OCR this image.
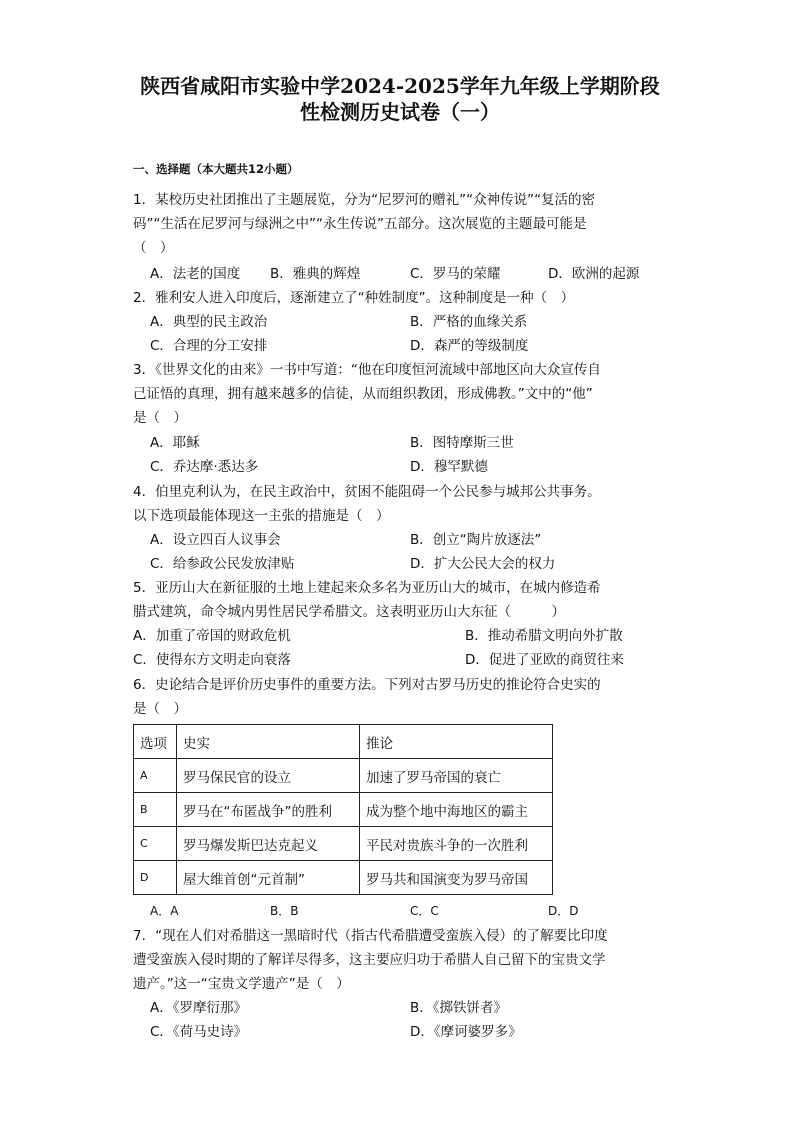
陕西省咸阳市实验中学2024-2025学年九年级上学期阶段
性检测历史试卷（一）
一、选择题（本大题共12小题）
1．某校历史社团推出了主题展览，分为“尼罗河的赠礼”“众神传说”“复活的密
码”“生活在尼罗河与绿洲之中”“永生传说”五部分。这次展览的主题最可能是
（　）
A．法老的国度 B．雅典的辉煌	C．罗马的荣耀	D．欧洲的起源
2．雅利安人进入印度后，逐渐建立了“种姓制度”。这种制度是一种（　）
A．典型的民主政治	B．严格的血缘关系
C．合理的分工安排	D．森严的等级制度
3．《世界文化的由来》一书中写道：“他在印度恒河流域中部地区向大众宣传自
己证悟的真理，拥有越来越多的信徒，从而组织教团，形成佛教。”文中的“他”
是（　）
A．耶稣	B．图特摩斯三世
C．乔达摩·悉达多	D．穆罕默德
4．伯里克利认为，在民主政治中，贫困不能阻碍一个公民参与城邦公共事务。
以下选项最能体现这一主张的措施是（　）
A．设立四百人议事会	B．创立“陶片放逐法”
C．给参政公民发放津贴	D．扩大公民大会的权力
5．亚历山大在新征服的土地上建起来众多名为亚历山大的城市，在城内修造希
腊式建筑，命令城内男性居民学希腊文。这表明亚历山大东征（　　　）
A．加重了帝国的财政危机	B．推动希腊文明向外扩散
C．使得东方文明走向衰落	D．促进了亚欧的商贸往来
6．史论结合是评价历史事件的重要方法。下列对古罗马历史的推论符合史实的
是（　）
选项	史实	推论
A	罗马保民官的设立	加速了罗马帝国的衰亡
B	罗马在“布匿战争”的胜利	成为整个地中海地区的霸主
C	罗马爆发斯巴达克起义	平民对贵族斗争的一次胜利
D	屋大维首创“元首制”	罗马共和国演变为罗马帝国
A．A	B．B	C．C	D．D
7．“现在人们对希腊这一黑暗时代（指古代希腊遭受蛮族入侵）的了解要比印度
遭受蛮族入侵时期的了解详尽得多，这主要应归功于希腊人自己留下的宝贵文学
遗产。”这一“宝贵文学遗产”是（　）
A．《罗摩衍那》	B．《掷铁饼者》
C．《荷马史诗》	D．《摩诃婆罗多》
